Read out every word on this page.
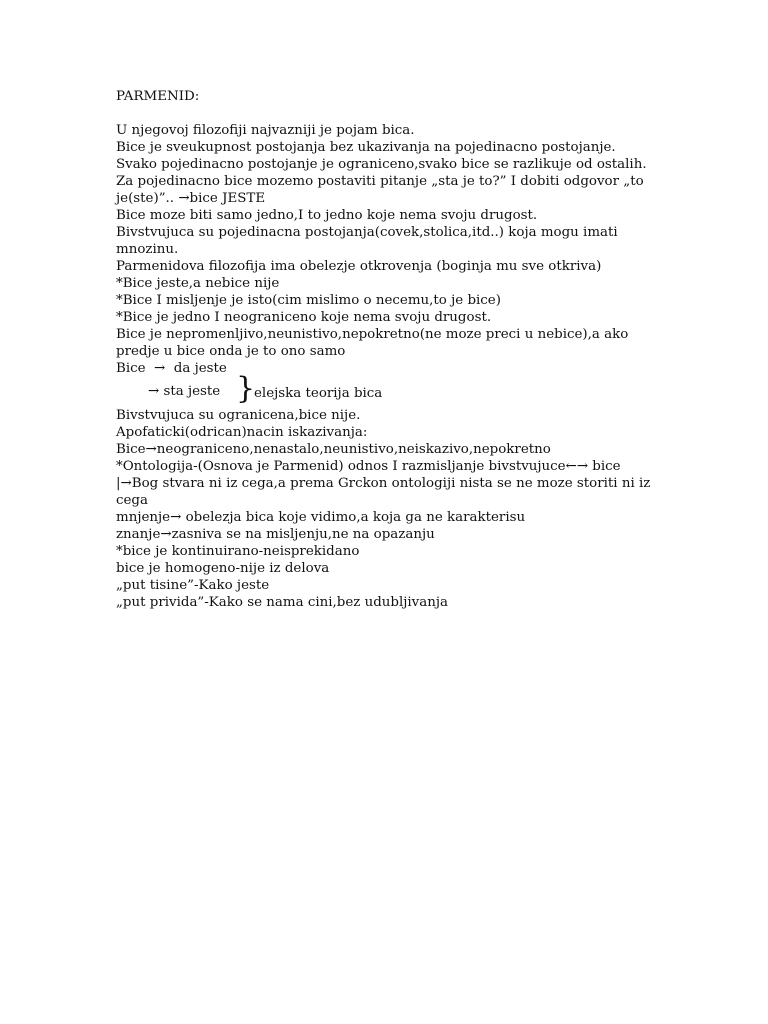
PARMENID:
U njegovoj filozofiji najvazniji je pojam bica.
Bice je sveukupnost postojanja bez ukazivanja na pojedinacno postojanje.
Svako pojedinacno postojanje je ograniceno,svako bice se razlikuje od ostalih.
Za pojedinacno bice mozemo postaviti pitanje „sta je to?” I dobiti odgovor „to je(ste)”.. →bice JESTE
Bice moze biti samo jedno,I to jedno koje nema svoju drugost.
Bivstvujuca su pojedinacna postojanja(covek,stolica,itd..) koja mogu imati mnozinu.
Parmenidova filozofija ima obelezje otkrovenja (boginja mu sve otkriva)
*Bice jeste,a nebice nije
*Bice I misljenje je isto(cim mislimo o necemu,to je bice)
*Bice je jedno I neograniceno koje nema svoju drugost.
Bice je nepromenljivo,neunistivo,nepokretno(ne moze preci u nebice),a ako predje u bice onda je to ono samo
Bice  →  da jeste
→ sta jeste }
elejska teorija bica
Bivstvujuca su ogranicena,bice nije.
Apofaticki(odrican)nacin iskazivanja:
Bice→neograniceno,nenastalo,neunistivo,neiskazivo,nepokretno
*Ontologija-(Osnova je Parmenid) odnos I razmisljanje bivstvujuce←→ bice
|→Bog stvara ni iz cega,a prema Grckon ontologiji nista se ne moze storiti ni iz cega
mnjenje→ obelezja bica koje vidimo,a koja ga ne karakterisu
znanje→zasniva se na misljenju,ne na opazanju
*bice je kontinuirano-neisprekidano
bice je homogeno-nije iz delova
„put tisine”-Kako jeste
„put privida”-Kako se nama cini,bez udubljivanja
